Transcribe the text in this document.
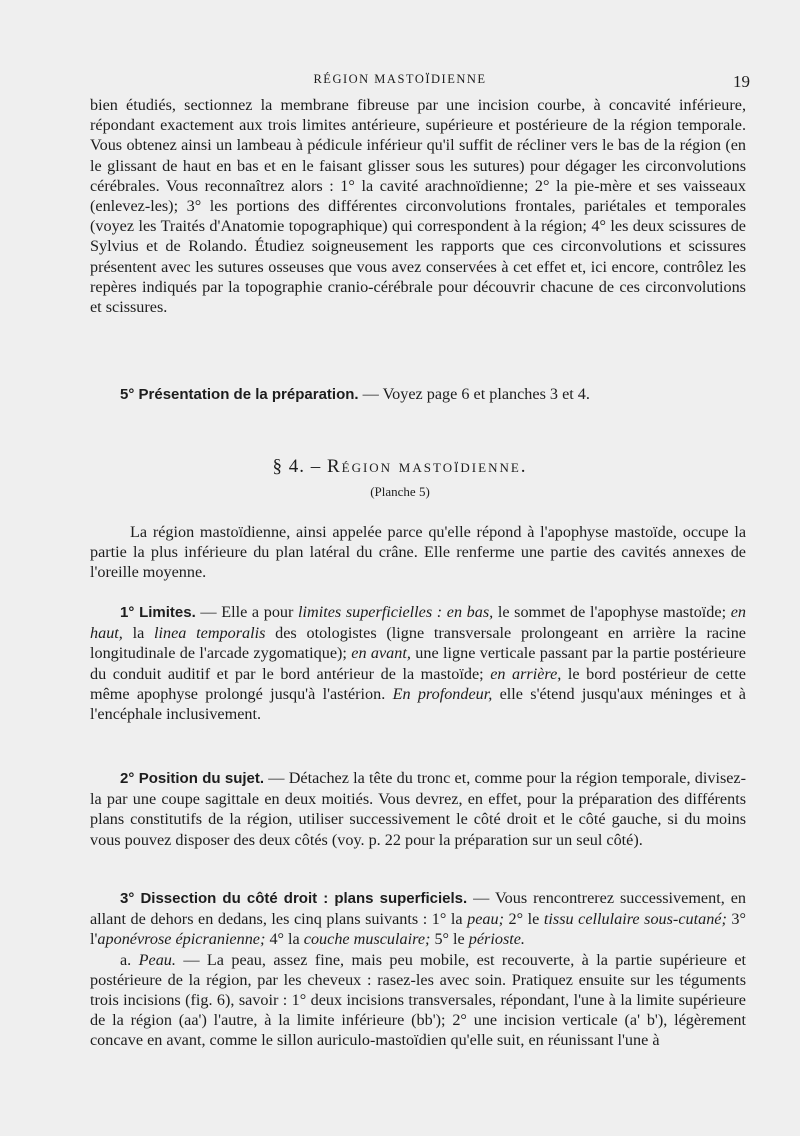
RÉGION MASTOÏDIENNE	19

bien étudiés, sectionnez la membrane fibreuse par une incision courbe, à concavité inférieure, répondant exactement aux trois limites antérieure, supérieure et postérieure de la région temporale. Vous obtenez ainsi un lambeau à pédicule inférieur qu'il suffit de récliner vers le bas de la région (en le glissant de haut en bas et en le faisant glisser sous les sutures) pour dégager les circonvolutions cérébrales. Vous reconnaîtrez alors : 1° la cavité arachnoïdienne; 2° la pie-mère et ses vaisseaux (enlevez-les); 3° les portions des différentes circonvolutions frontales, pariétales et temporales (voyez les Traités d'Anatomie topographique) qui correspondent à la région; 4° les deux scissures de Sylvius et de Rolando. Étudiez soigneusement les rapports que ces circonvolutions et scissures présentent avec les sutures osseuses que vous avez conservées à cet effet et, ici encore, contrôlez les repères indiqués par la topographie cranio-cérébrale pour découvrir chacune de ces circonvolutions et scissures.

5° Présentation de la préparation. — Voyez page 6 et planches 3 et 4.

§ 4. – Région mastoïdienne.
(Planche 5)

La région mastoïdienne, ainsi appelée parce qu'elle répond à l'apophyse mastoïde, occupe la partie la plus inférieure du plan latéral du crâne. Elle renferme une partie des cavités annexes de l'oreille moyenne.

1° Limites. — Elle a pour limites superficielles : en bas, le sommet de l'apophyse mastoïde; en haut, la linea temporalis des otologistes (ligne transversale prolongeant en arrière la racine longitudinale de l'arcade zygomatique); en avant, une ligne verticale passant par la partie postérieure du conduit auditif et par le bord antérieur de la mastoïde; en arrière, le bord postérieur de cette même apophyse prolongé jusqu'à l'astérion. En profondeur, elle s'étend jusqu'aux méninges et à l'encéphale inclusivement.

2° Position du sujet. — Détachez la tête du tronc et, comme pour la région temporale, divisez-la par une coupe sagittale en deux moitiés. Vous devrez, en effet, pour la préparation des différents plans constitutifs de la région, utiliser successivement le côté droit et le côté gauche, si du moins vous pouvez disposer des deux côtés (voy. p. 22 pour la préparation sur un seul côté).

3° Dissection du côté droit : plans superficiels. — Vous rencontrerez successivement, en allant de dehors en dedans, les cinq plans suivants : 1° la peau; 2° le tissu cellulaire sous-cutané; 3° l'aponévrose épicranienne; 4° la couche musculaire; 5° le périoste.

a. Peau. — La peau, assez fine, mais peu mobile, est recouverte, à la partie supérieure et postérieure de la région, par les cheveux : rasez-les avec soin. Pratiquez ensuite sur les téguments trois incisions (fig. 6), savoir : 1° deux incisions transversales, répondant, l'une à la limite supérieure de la région (aa') l'autre, à la limite inférieure (bb'); 2° une incision verticale (a' b'), légèrement concave en avant, comme le sillon auriculo-mastoïdien qu'elle suit, en réunissant l'une à
